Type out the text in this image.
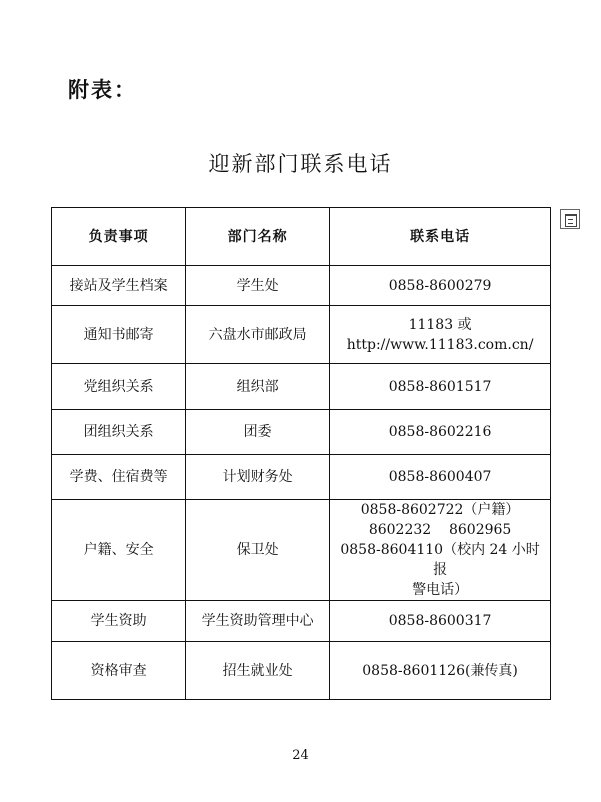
附表：
迎新部门联系电话
负责事项	部门名称	联系电话
接站及学生档案	学生处	0858-8600279
通知书邮寄	六盘水市邮政局	11183 或
http://www.11183.com.cn/

党组织关系	组织部	0858-8601517
团组织关系	团委	0858-8602216
学费、住宿费等	计划财务处	0858-8600407
户籍、安全	保卫处	0858-8602722（户籍）
8602232    8602965
0858-8604110（校内 24 小时报
警电话）

学生资助	学生资助管理中心	0858-8600317
资格审查	招生就业处	0858-8601126(兼传真)
24
